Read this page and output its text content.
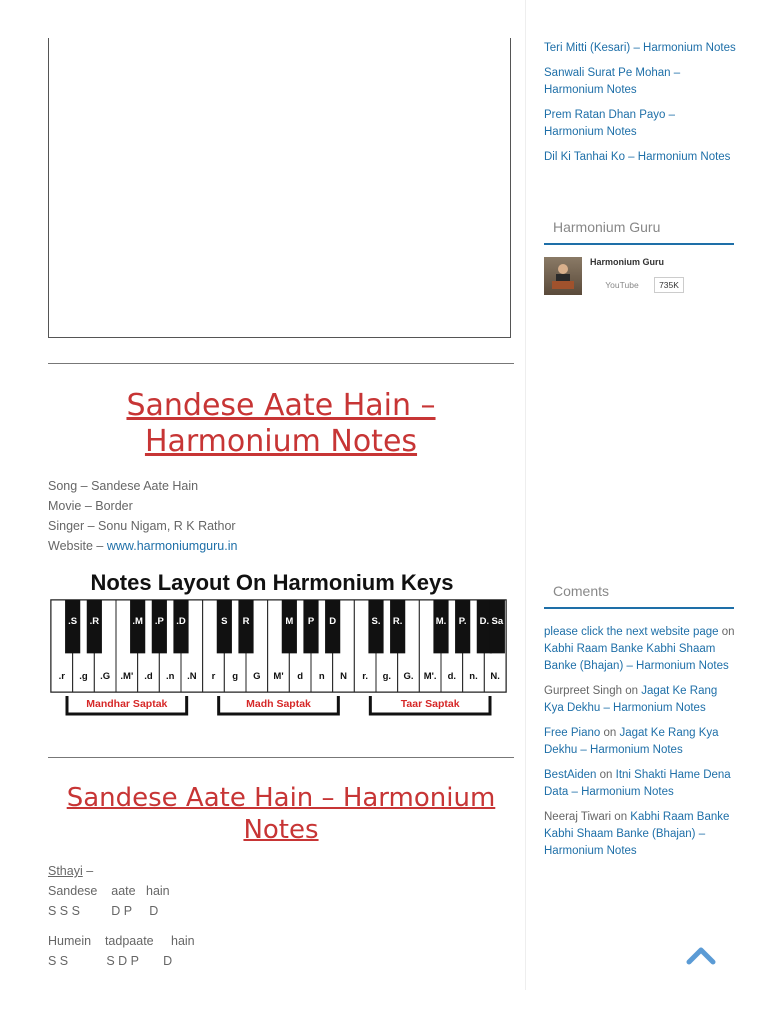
Sandese Aate Hain – Harmonium Notes
Song – Sandese Aate Hain
Movie – Border
Singer – Sonu Nigam, R K Rathor
Website – www.harmoniumguru.in
Notes Layout On Harmonium Keys
.r .g .G .M' .d .n .N r g G M' d n N r. g. G. M'. d. n. N.
.S .R	.M .P .D	S R	M P D	S. R.	M. P. D. Sa
Mandhar Saptak	Madh Saptak	Taar Saptak
Sandese Aate Hain – Harmonium Notes
Sthayi –
Sandese    aate   hain
S S S         D P     D
Humein    tadpaate     hain
S S           S D P       D
Teri Mitti (Kesari) – Harmonium Notes
Sanwali Surat Pe Mohan – Harmonium Notes
Prem Ratan Dhan Payo – Harmonium Notes
Dil Ki Tanhai Ko – Harmonium Notes
Harmonium Guru
Harmonium Guru
YouTube	735K
Coments
please click the next website page on Kabhi Raam Banke Kabhi Shaam Banke (Bhajan) – Harmonium Notes
Gurpreet Singh on Jagat Ke Rang Kya Dekhu – Harmonium Notes
Free Piano on Jagat Ke Rang Kya Dekhu – Harmonium Notes
BestAiden on Itni Shakti Hame Dena Data – Harmonium Notes
Neeraj Tiwari on Kabhi Raam Banke Kabhi Shaam Banke (Bhajan) – Harmonium Notes
